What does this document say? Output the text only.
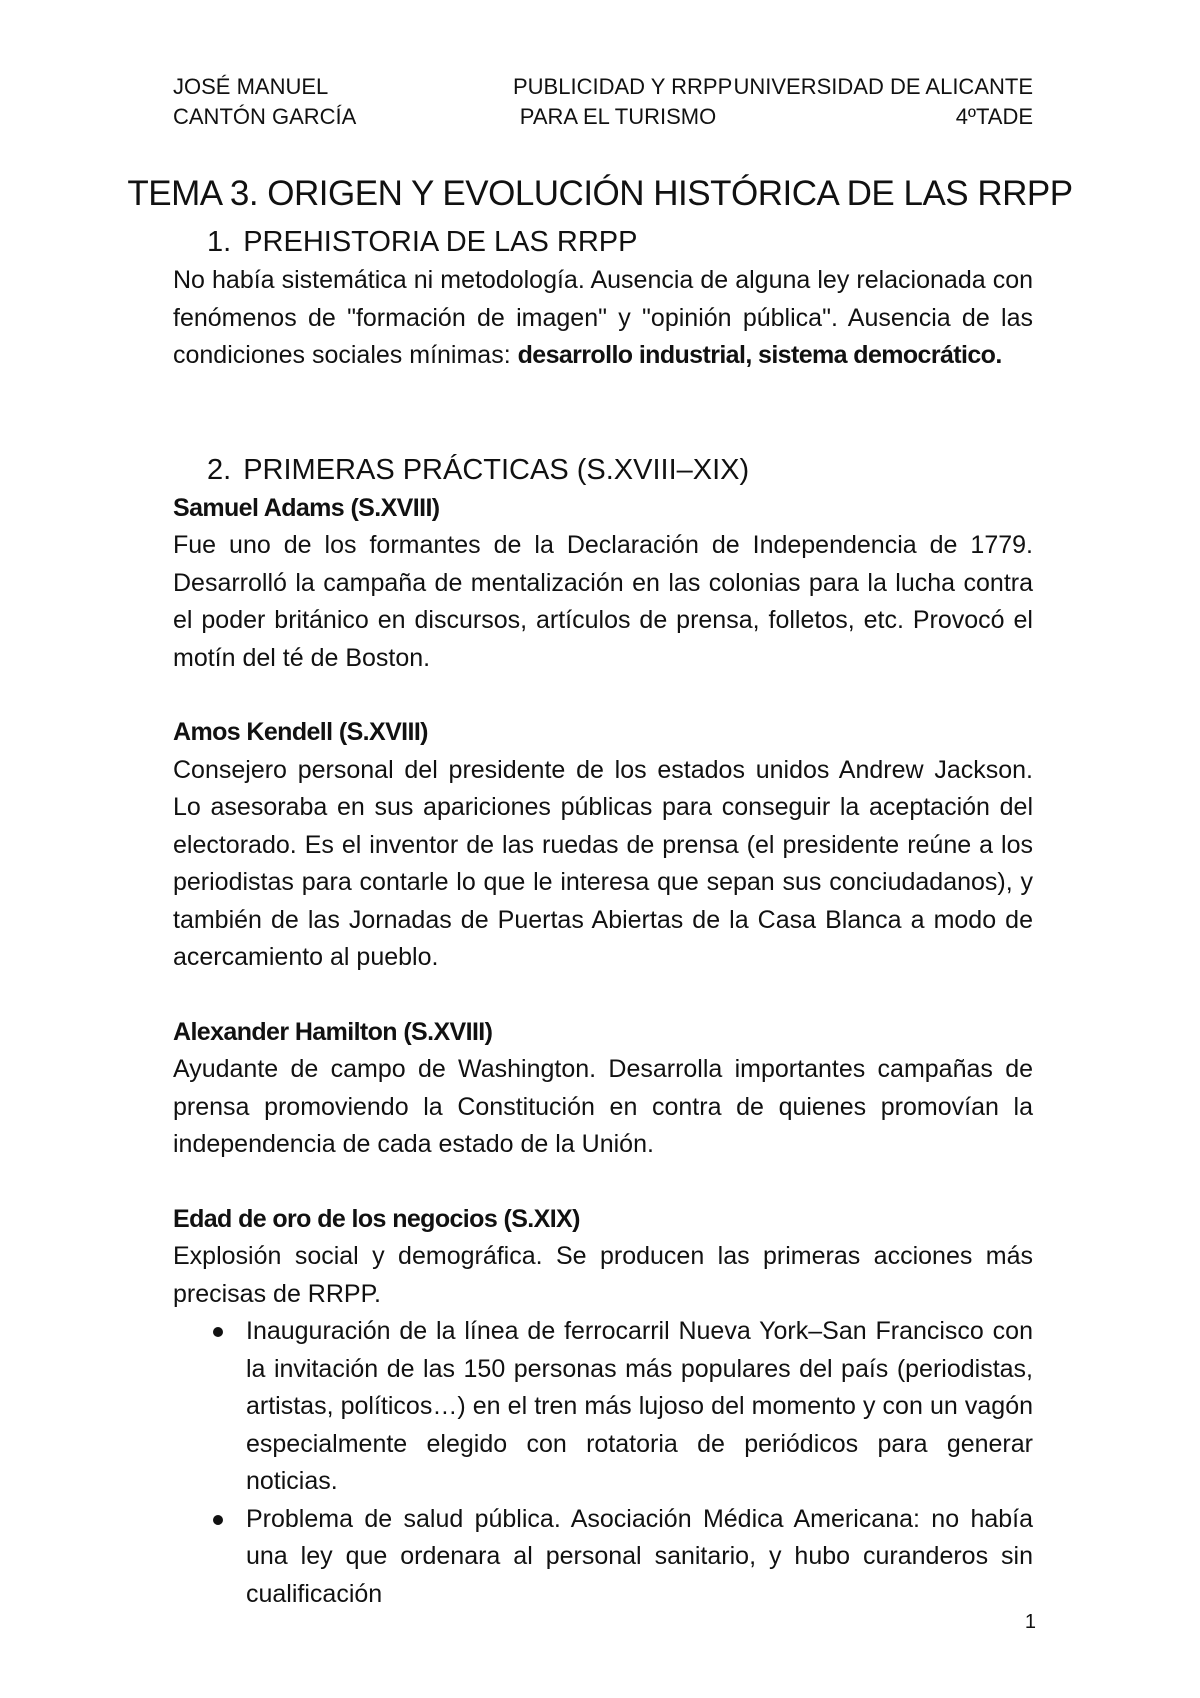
JOSÉ MANUEL
CANTÓN GARCÍA
PUBLICIDAD Y RRPP
PARA EL TURISMO
UNIVERSIDAD DE ALICANTE
4ºTADE
TEMA 3. ORIGEN Y EVOLUCIÓN HISTÓRICA DE LAS RRPP
1. PREHISTORIA DE LAS RRPP

No había sistemática ni metodología. Ausencia de alguna ley relacionada con fenómenos de "formación de imagen" y "opinión pública". Ausencia de las condiciones sociales mínimas: desarrollo industrial, sistema democrático.

2. PRIMERAS PRÁCTICAS (S.XVIII–XIX)
Samuel Adams (S.XVIII)

Fue uno de los formantes de la Declaración de Independencia de 1779. Desarrolló la campaña de mentalización en las colonias para la lucha contra el poder británico en discursos, artículos de prensa, folletos, etc. Provocó el motín del té de Boston.

Amos Kendell (S.XVIII)

Consejero personal del presidente de los estados unidos Andrew Jackson. Lo asesoraba en sus apariciones públicas para conseguir la aceptación del electorado. Es el inventor de las ruedas de prensa (el presidente reúne a los periodistas para contarle lo que le interesa que sepan sus conciudadanos), y también de las Jornadas de Puertas Abiertas de la Casa Blanca a modo de acercamiento al pueblo.

Alexander Hamilton (S.XVIII)

Ayudante de campo de Washington. Desarrolla importantes campañas de prensa promoviendo la Constitución en contra de quienes promovían la independencia de cada estado de la Unión.

Edad de oro de los negocios (S.XIX)

Explosión social y demográfica. Se producen las primeras acciones más precisas de RRPP.

Inauguración de la línea de ferrocarril Nueva York–San Francisco con la invitación de las 150 personas más populares del país (periodistas, artistas, políticos…) en el tren más lujoso del momento y con un vagón especialmente elegido con rotatoria de periódicos para generar noticias.
Problema de salud pública. Asociación Médica Americana: no había una ley que ordenara al personal sanitario, y hubo curanderos sin cualificación
1
